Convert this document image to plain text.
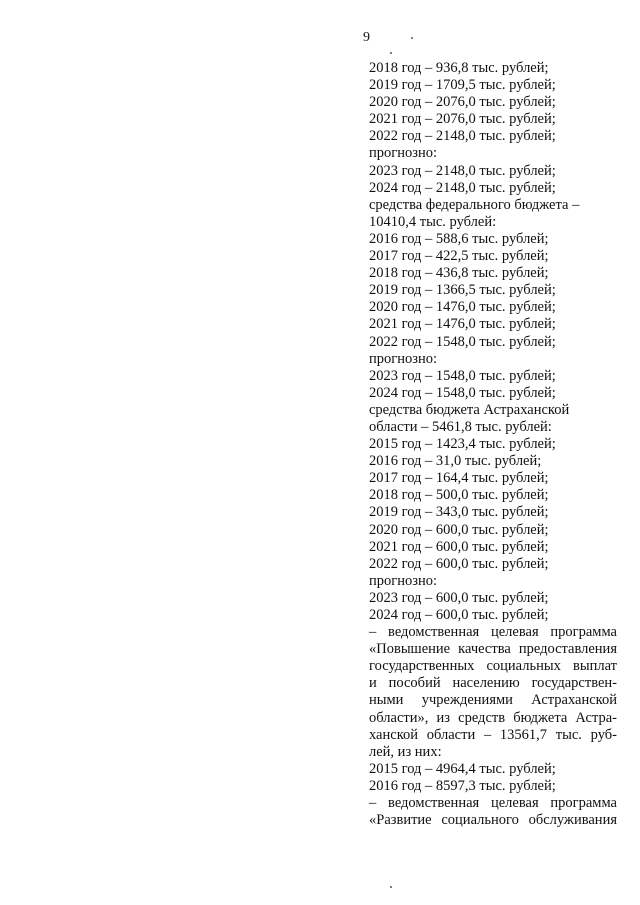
9
2018 год – 936,8 тыс. рублей;
2019 год – 1709,5 тыс. рублей;
2020 год – 2076,0 тыс. рублей;
2021 год – 2076,0 тыс. рублей;
2022 год – 2148,0 тыс. рублей;
прогнозно:
2023 год – 2148,0 тыс. рублей;
2024 год – 2148,0 тыс. рублей;
средства федерального бюджета –
10410,4 тыс. рублей:
2016 год – 588,6 тыс. рублей;
2017 год – 422,5 тыс. рублей;
2018 год – 436,8 тыс. рублей;
2019 год – 1366,5 тыс. рублей;
2020 год – 1476,0 тыс. рублей;
2021 год – 1476,0 тыс. рублей;
2022 год – 1548,0 тыс. рублей;
прогнозно:
2023 год – 1548,0 тыс. рублей;
2024 год – 1548,0 тыс. рублей;
средства бюджета Астраханской
области – 5461,8 тыс. рублей:
2015 год – 1423,4 тыс. рублей;
2016 год – 31,0 тыс. рублей;
2017 год – 164,4 тыс. рублей;
2018 год – 500,0 тыс. рублей;
2019 год – 343,0 тыс. рублей;
2020 год – 600,0 тыс. рублей;
2021 год – 600,0 тыс. рублей;
2022 год – 600,0 тыс. рублей;
прогнозно:
2023 год – 600,0 тыс. рублей;
2024 год – 600,0 тыс. рублей;
– ведомственная целевая программа
«Повышение качества предоставления
государственных социальных выплат
и пособий населению государствен-
ными учреждениями Астраханской
области», из средств бюджета Астра-
ханской области – 13561,7 тыс. руб-
лей, из них:
2015 год – 4964,4 тыс. рублей;
2016 год – 8597,3 тыс. рублей;
– ведомственная целевая программа
«Развитие социального обслуживания
